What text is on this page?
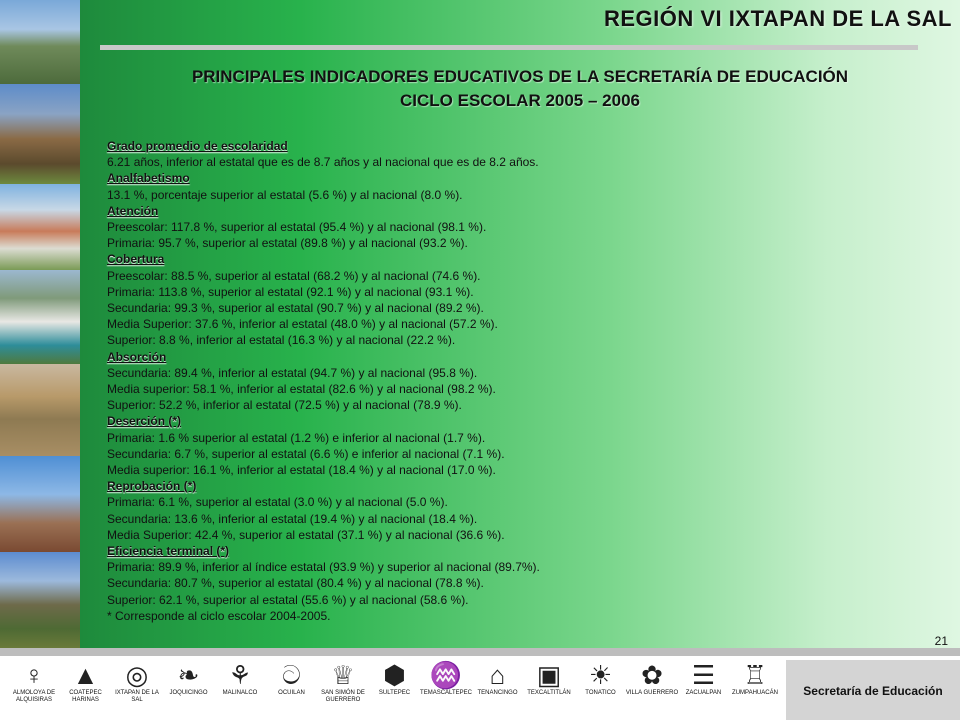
REGIÓN VI IXTAPAN DE LA SAL
PRINCIPALES INDICADORES EDUCATIVOS DE LA SECRETARÍA DE EDUCACIÓN
CICLO ESCOLAR 2005 – 2006
Grado promedio de escolaridad
6.21 años, inferior al estatal que es de 8.7 años y al nacional que es de 8.2 años.
Analfabetismo
13.1 %, porcentaje superior al estatal (5.6 %) y al nacional (8.0 %).
Atención
Preescolar: 117.8 %, superior al estatal (95.4 %) y al nacional (98.1 %).
Primaria: 95.7 %, superior al estatal (89.8 %) y al nacional (93.2 %).
Cobertura
Preescolar: 88.5 %, superior al estatal (68.2 %) y al nacional (74.6 %).
Primaria: 113.8 %, superior al estatal (92.1 %) y al nacional (93.1 %).
Secundaria: 99.3 %, superior al estatal (90.7 %) y al nacional (89.2 %).
Media Superior: 37.6 %, inferior al estatal (48.0 %) y al nacional (57.2 %).
Superior: 8.8 %, inferior al estatal (16.3 %) y al nacional (22.2 %).
Absorción
Secundaria: 89.4 %, inferior al estatal (94.7 %) y al nacional (95.8 %).
Media superior: 58.1 %, inferior al estatal (82.6 %) y al nacional (98.2 %).
Superior: 52.2 %, inferior al estatal (72.5 %) y al nacional (78.9 %).
Deserción (*)
Primaria: 1.6 % superior al estatal (1.2 %) e inferior al nacional (1.7 %).
Secundaria: 6.7 %, superior al estatal (6.6 %) e inferior al nacional (7.1 %).
Media superior: 16.1 %, inferior al estatal (18.4 %) y al nacional (17.0 %).
Reprobación (*)
Primaria: 6.1 %, superior al estatal (3.0 %) y al nacional (5.0 %).
Secundaria: 13.6 %, inferior al estatal (19.4 %) y al nacional (18.4 %).
Media Superior: 42.4 %, superior al estatal (37.1 %) y al nacional (36.6 %).
Eficiencia terminal (*)
Primaria: 89.9 %, inferior al índice estatal (93.9 %) y superior al nacional (89.7%).
Secundaria: 80.7 %, superior al estatal (80.4 %) y al nacional (78.8 %).
Superior: 62.1 %, superior al estatal (55.6 %) y al nacional (58.6 %).
* Corresponde al ciclo escolar 2004-2005.
21
♀
ALMOLOYA DE ALQUISIRAS
▲
COATEPEC HARINAS
◎
IXTAPAN DE LA SAL
❧
JOQUICINGO
⚘
MALINALCO
ට
OCUILAN
♕
SAN SIMÓN DE GUERRERO
⬢
SULTEPEC
♒
TEMASCALTEPEC
⌂
TENANCINGO
▣
TEXCALTITLÁN
☀
TONATICO
✿
VILLA GUERRERO
☰
ZACUALPAN
♖
ZUMPAHUACÁN	Secretaría de Educación
